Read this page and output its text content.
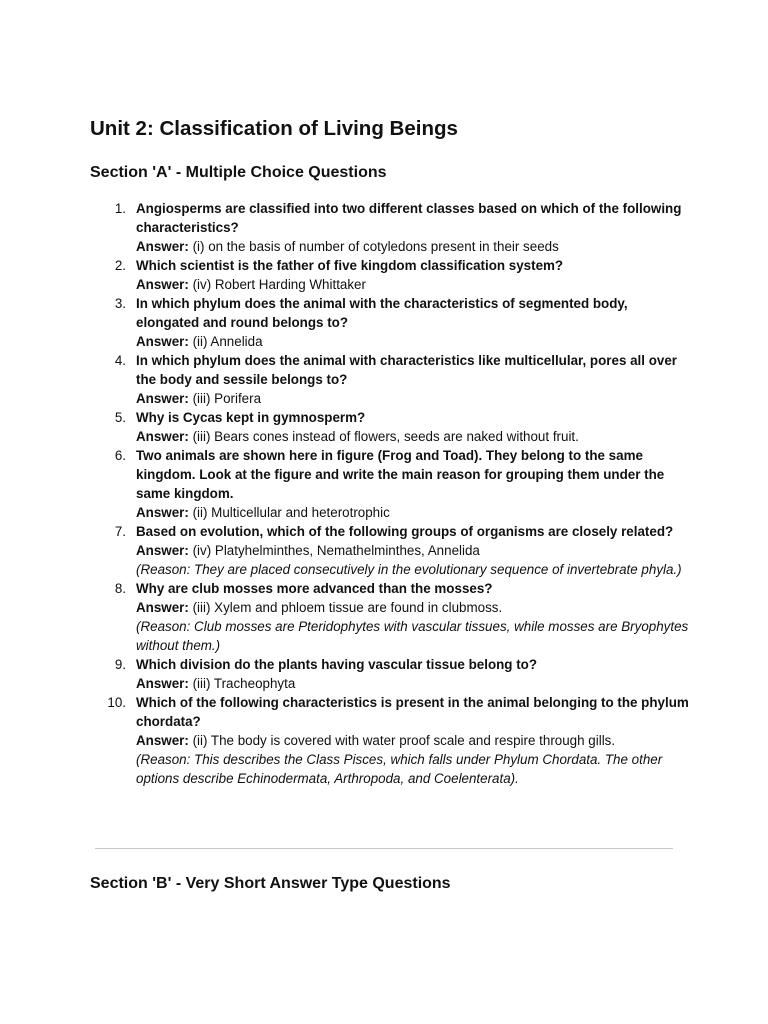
Unit 2: Classification of Living Beings
Section 'A' - Multiple Choice Questions
1. Angiosperms are classified into two different classes based on which of the following characteristics?
Answer: (i) on the basis of number of cotyledons present in their seeds
2. Which scientist is the father of five kingdom classification system?
Answer: (iv) Robert Harding Whittaker
3. In which phylum does the animal with the characteristics of segmented body, elongated and round belongs to?
Answer: (ii) Annelida
4. In which phylum does the animal with characteristics like multicellular, pores all over the body and sessile belongs to?
Answer: (iii) Porifera
5. Why is Cycas kept in gymnosperm?
Answer: (iii) Bears cones instead of flowers, seeds are naked without fruit.
6. Two animals are shown here in figure (Frog and Toad). They belong to the same kingdom. Look at the figure and write the main reason for grouping them under the same kingdom.
Answer: (ii) Multicellular and heterotrophic
7. Based on evolution, which of the following groups of organisms are closely related?
Answer: (iv) Platyhelminthes, Nemathelminthes, Annelida
(Reason: They are placed consecutively in the evolutionary sequence of invertebrate phyla.)
8. Why are club mosses more advanced than the mosses?
Answer: (iii) Xylem and phloem tissue are found in clubmoss.
(Reason: Club mosses are Pteridophytes with vascular tissues, while mosses are Bryophytes without them.)
9. Which division do the plants having vascular tissue belong to?
Answer: (iii) Tracheophyta
10. Which of the following characteristics is present in the animal belonging to the phylum chordata?
Answer: (ii) The body is covered with water proof scale and respire through gills.
(Reason: This describes the Class Pisces, which falls under Phylum Chordata. The other options describe Echinodermata, Arthropoda, and Coelenterata).
Section 'B' - Very Short Answer Type Questions
